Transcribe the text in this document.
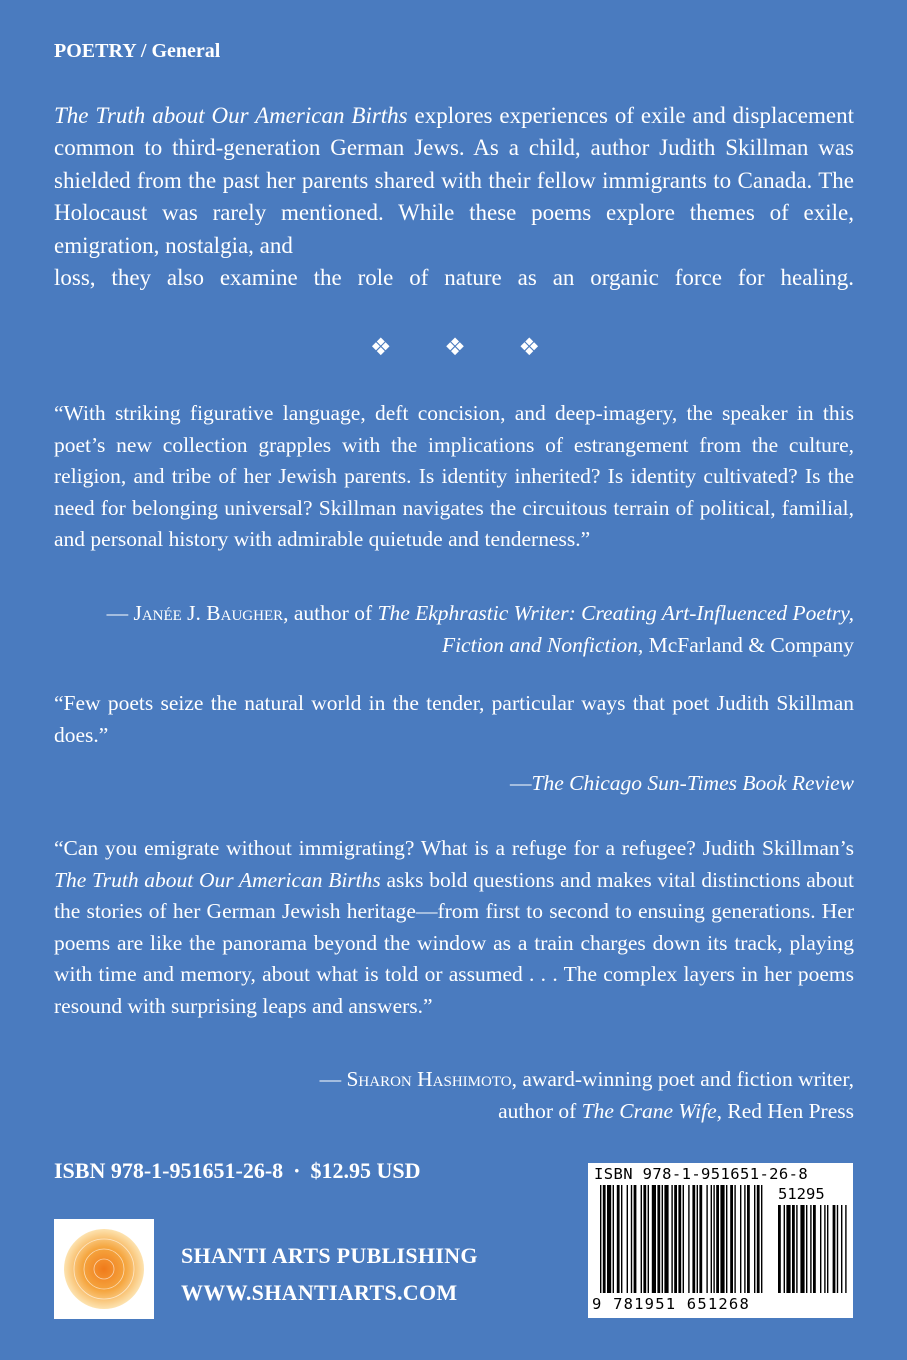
POETRY / General
The Truth about Our American Births explores experiences of exile and displacement common to third-generation German Jews. As a child, author Judith Skillman was shielded from the past her parents shared with their fellow immigrants to Canada. The Holocaust was rarely mentioned. While these poems explore themes of exile, emigration, nostalgia, and
loss, they also examine the role of nature as an organic force for healing.
❖ ❖ ❖
“With striking figurative language, deft concision, and deep-imagery, the speaker in this poet’s new collection grapples with the implications of estrangement from the culture, religion, and tribe of her Jewish parents. Is identity inherited? Is identity cultivated? Is the need for belonging universal? Skillman navigates the circuitous terrain of political, familial, and personal history with admirable quietude and tenderness.”
— Janée J. Baugher, author of The Ekphrastic Writer: Creating Art-Influenced Poetry, Fiction and Nonfiction, McFarland & Company
“Few poets seize the natural world in the tender, particular ways that poet Judith Skillman does.”
—The Chicago Sun-Times Book Review
“Can you emigrate without immigrating? What is a refuge for a refugee? Judith Skillman’s The Truth about Our American Births asks bold questions and makes vital distinctions about the stories of her German Jewish heritage—from first to second to ensuing generations. Her poems are like the panorama beyond the window as a train charges down its track, playing with time and memory, about what is told or assumed . . . The complex layers in her poems resound with surprising leaps and answers.”
— Sharon Hashimoto, award-winning poet and fiction writer,
author of The Crane Wife, Red Hen Press
ISBN 978-1-951651-26-8 · $12.95 USD
SHANTI ARTS PUBLISHING
WWW.SHANTIARTS.COM
ISBN 978-1-951651-26-8
51295
9 781951 651268
